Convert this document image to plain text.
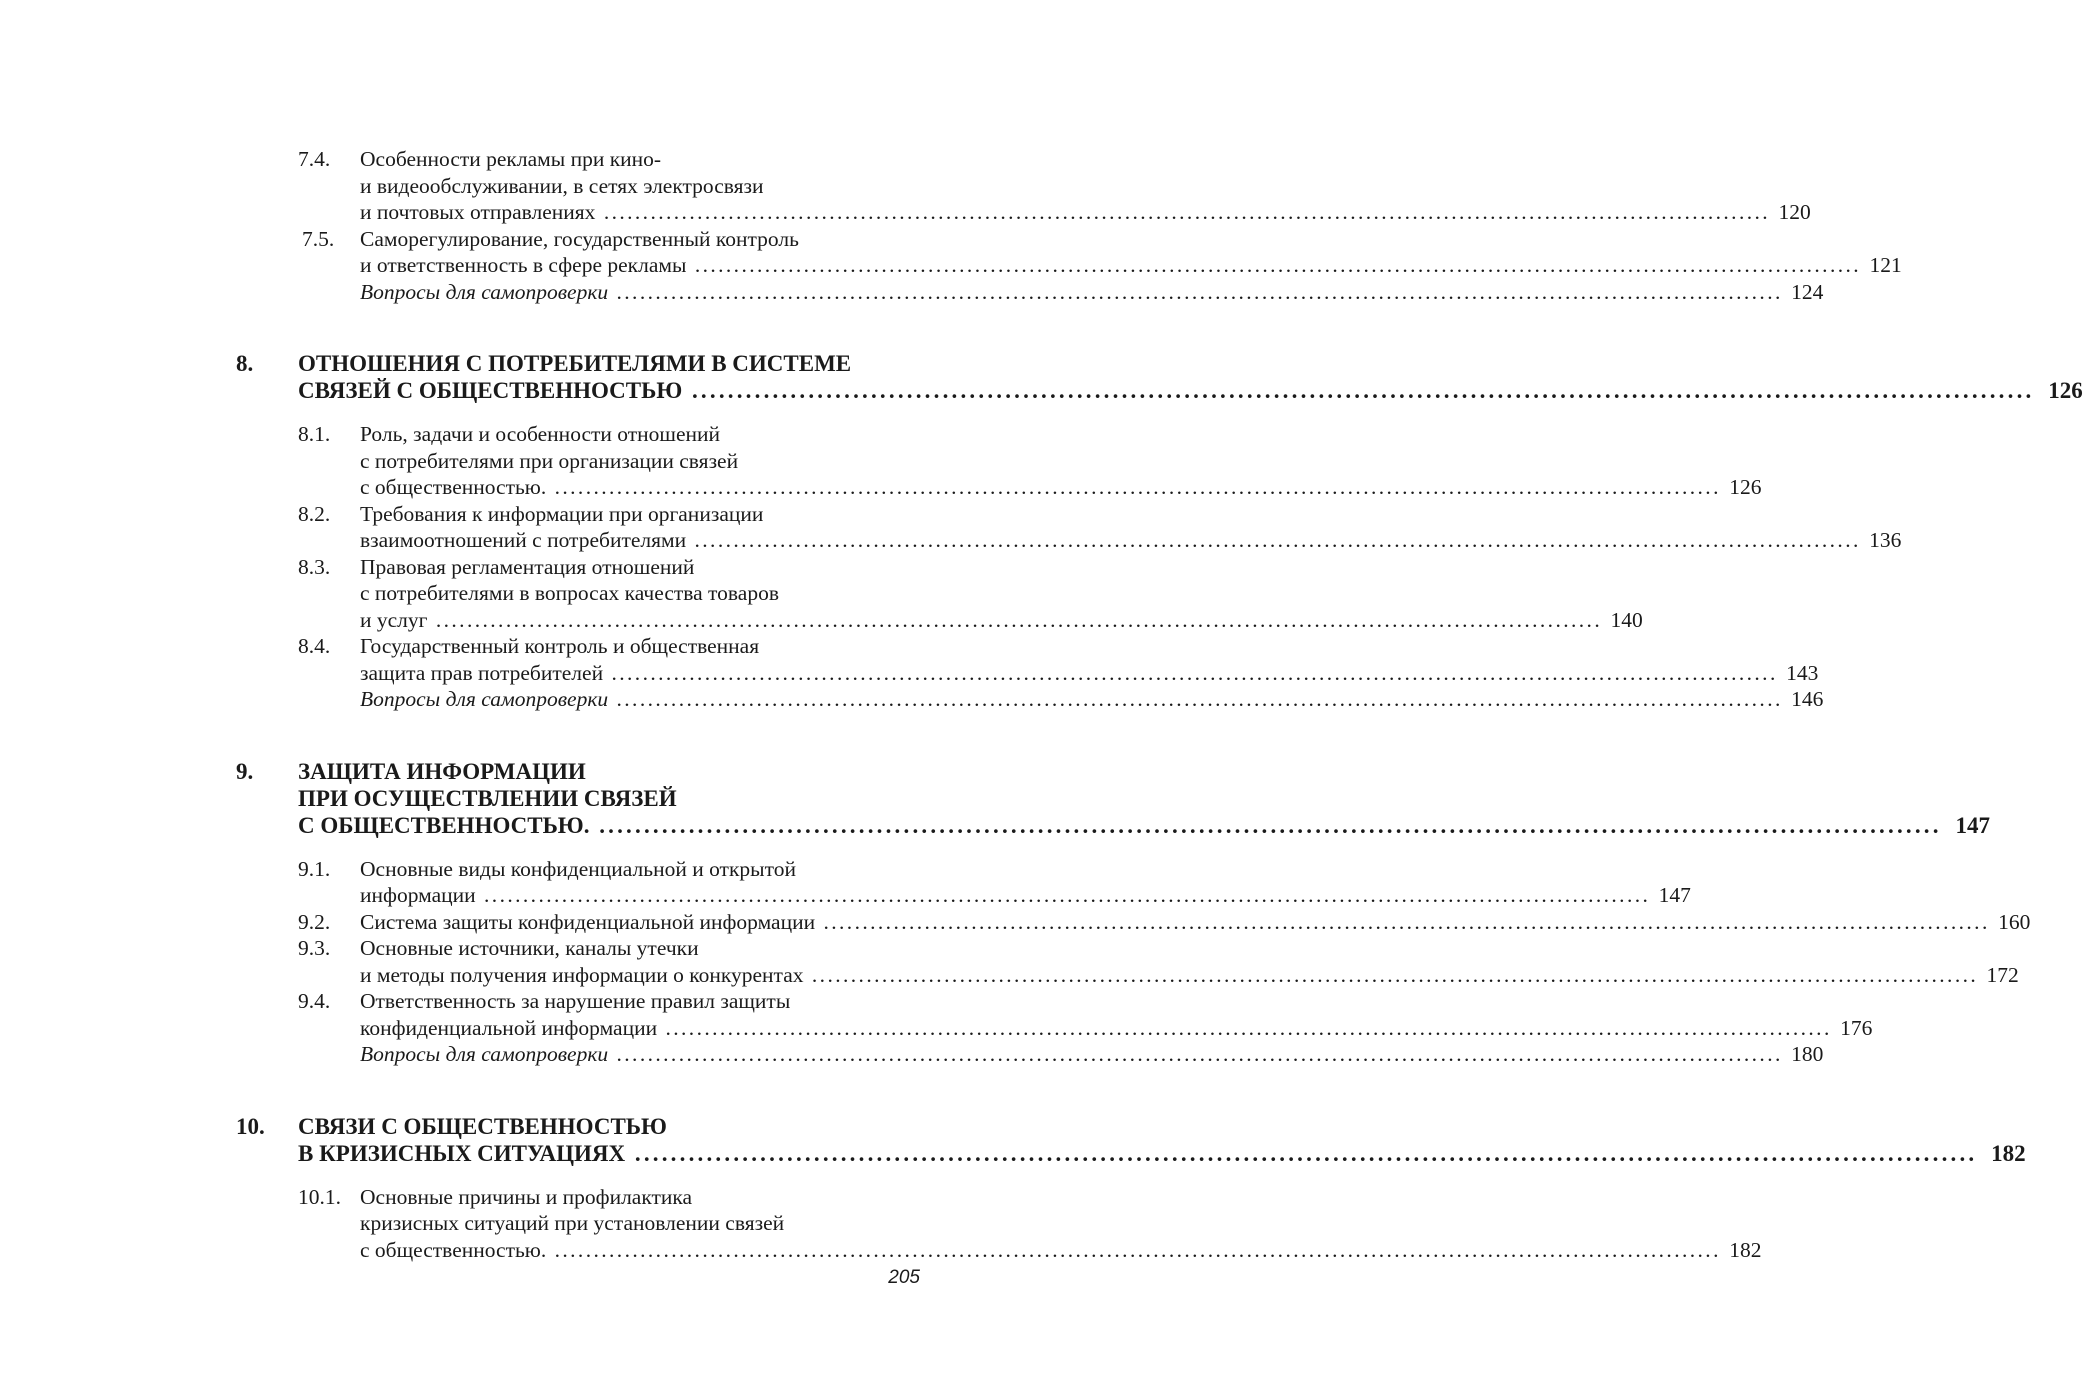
7.4.	Особенности рекламы при кино-
и видеообслуживании, в сетях электросвязи
и почтовых отправлениях .....	120
7.5.	Саморегулирование, государственный контроль
и ответственность в сфере рекламы .....	121
Вопросы для самопроверки .....	124
8.	ОТНОШЕНИЯ С ПОТРЕБИТЕЛЯМИ В СИСТЕМЕ
СВЯЗЕЙ С ОБЩЕСТВЕННОСТЬЮ .....	126
8.1.	Роль, задачи и особенности отношений
с потребителями при организации связей
с общественностью. .....	126
8.2.	Требования к информации при организации
взаимоотношений с потребителями .....	136
8.3.	Правовая регламентация отношений
с потребителями в вопросах качества товаров
и услуг .....	140
8.4.	Государственный контроль и общественная
защита прав потребителей .....	143
Вопросы для самопроверки .....	146
9.	ЗАЩИТА ИНФОРМАЦИИ
ПРИ ОСУЩЕСТВЛЕНИИ СВЯЗЕЙ
С ОБЩЕСТВЕННОСТЬЮ. .....	147
9.1.	Основные виды конфиденциальной и открытой
информации .....	147
9.2.	Система защиты конфиденциальной информации .....	160
9.3.	Основные источники, каналы утечки
и методы получения информации о конкурентах .....	172
9.4.	Ответственность за нарушение правил защиты
конфиденциальной информации .....	176
Вопросы для самопроверки .....	180
10.	СВЯЗИ С ОБЩЕСТВЕННОСТЬЮ
В КРИЗИСНЫХ СИТУАЦИЯХ .....	182
10.1. Основные причины и профилактика
кризисных ситуаций при установлении связей
с общественностью. .....	182
205
